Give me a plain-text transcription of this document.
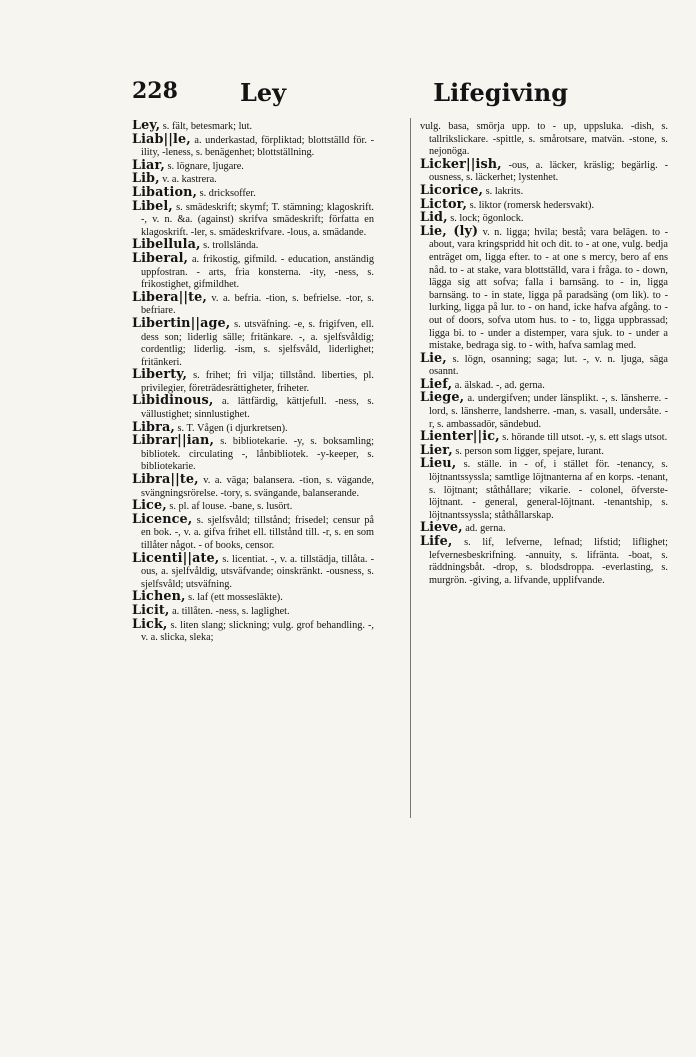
228	Ley	Lifegiving

Ley, s. fält, betesmark; lut.

Liab||le, a. underkastad, förpliktad; blottställd för. -ility, -leness, s. benägenhet; blottställning.

Liar, s. lögnare, ljugare.

Lib, v. a. kastrera.

Libation, s. dricksoffer.

Libel, s. smädeskrift; skymf; T. stämning; klagoskrift. -, v. n. &a. (against) skrifva smädeskrift; författa en klagoskrift. -ler, s. smädeskrifvare. -lous, a. smädande.

Libellula, s. trollslända.

Liberal, a. frikostig, gifmild. - education, anständig uppfostran. - arts, fria konsterna. -ity, -ness, s. frikostighet, gifmildhet.

Libera||te, v. a. befria. -tion, s. befrielse. -tor, s. befriare.

Libertin||age, s. utsväfning. -e, s. frigifven, ell. dess son; liderlig sälle; fritänkare. -, a. sjelfsvåldig; cordentlig; liderlig. -ism, s. sjelfsvåld, liderlighet; fritänkeri.

Liberty, s. frihet; fri vilja; tillstånd. liberties, pl. privilegier, företrädesrättigheter, friheter.

Libidinous, a. lättfärdig, kättjefull. -ness, s. vällustighet; sinnlustighet.

Libra, s. T. Vågen (i djurkretsen).

Librar||ian, s. bibliotekarie. -y, s. boksamling; bibliotek. circulating -, lånbibliotek. -y-keeper, s. bibliotekarie.

Libra||te, v. a. väga; balansera. -tion, s. vägande, svängningsrörelse. -tory, s. svängande, balanserande.

Lice, s. pl. af louse. -bane, s. lusört.

Licence, s. sjelfsvåld; tillstånd; frisedel; censur på en bok. -, v. a. gifva frihet ell. tillstånd till. -r, s. en som tillåter något. - of books, censor.

Licenti||ate, s. licentiat. -, v. a. tillstädja, tillåta. -ous, a. sjelfvåldig, utsväfvande; oinskränkt. -ousness, s. sjelfsvåld; utsväfning.

Lichen, s. laf (ett mossesläkte).

Licit, a. tillåten. -ness, s. laglighet.

Lick, s. liten slang; slickning; vulg. grof behandling. -, v. a. slicka, sleka;

vulg. basa, smörja upp. to - up, uppsluka. -dish, s. tallrikslickare. -spittle, s. smårotsare, matvän. -stone, s. nejonöga.

Licker||ish, -ous, a. läcker, kräslig; begärlig. -ousness, s. läckerhet; lystenhet.

Licorice, s. lakrits.

Lictor, s. liktor (romersk hedersvakt).

Lid, s. lock; ögonlock.

Lie, (ly) v. n. ligga; hvila; bestå; vara belägen. to - about, vara kringspridd hit och dit. to - at one, vulg. bedja enträget om, ligga efter. to - at one s mercy, bero af ens nåd. to - at stake, vara blottställd, vara i fråga. to - down, lägga sig att sofva; falla i barnsäng. to - in, ligga barnsäng. to - in state, ligga på paradsäng (om lik). to - lurking, ligga på lur. to - on hand, icke hafva afgång. to - out of doors, sofva utom hus. to - to, ligga uppbrassad; ligga bi. to - under a distemper, vara sjuk. to - under a mistake, bedraga sig. to - with, hafva samlag med.

Lie, s. lögn, osanning; saga; lut. -, v. n. ljuga, säga osannt.

Lief, a. älskad. -, ad. gerna.

Liege, a. undergifven; under länsplikt. -, s. länsherre. -lord, s. länsherre, landsherre. -man, s. vasall, undersåte. -r, s. ambassadör, sändebud.

Lienter||ic, s. hörande till utsot. -y, s. ett slags utsot.

Lier, s. person som ligger, spejare, lurant.

Lieu, s. ställe. in - of, i stället för. -tenancy, s. löjtnantssyssla; samtlige löjtnanterna af en korps. -tenant, s. löjtnant; ståthållare; vikarie. - colonel, öfverste-löjtnant. - general, general-löjtnant. -tenantship, s. löjtnantssyssla; ståthållarskap.

Lieve, ad. gerna.

Life, s. lif, lefverne, lefnad; lifstid; liflighet; lefvernesbeskrifning. -annuity, s. lifränta. -boat, s. räddningsbåt. -drop, s. blodsdroppa. -everlasting, s. murgrön. -giving, a. lifvande, upplifvande.
